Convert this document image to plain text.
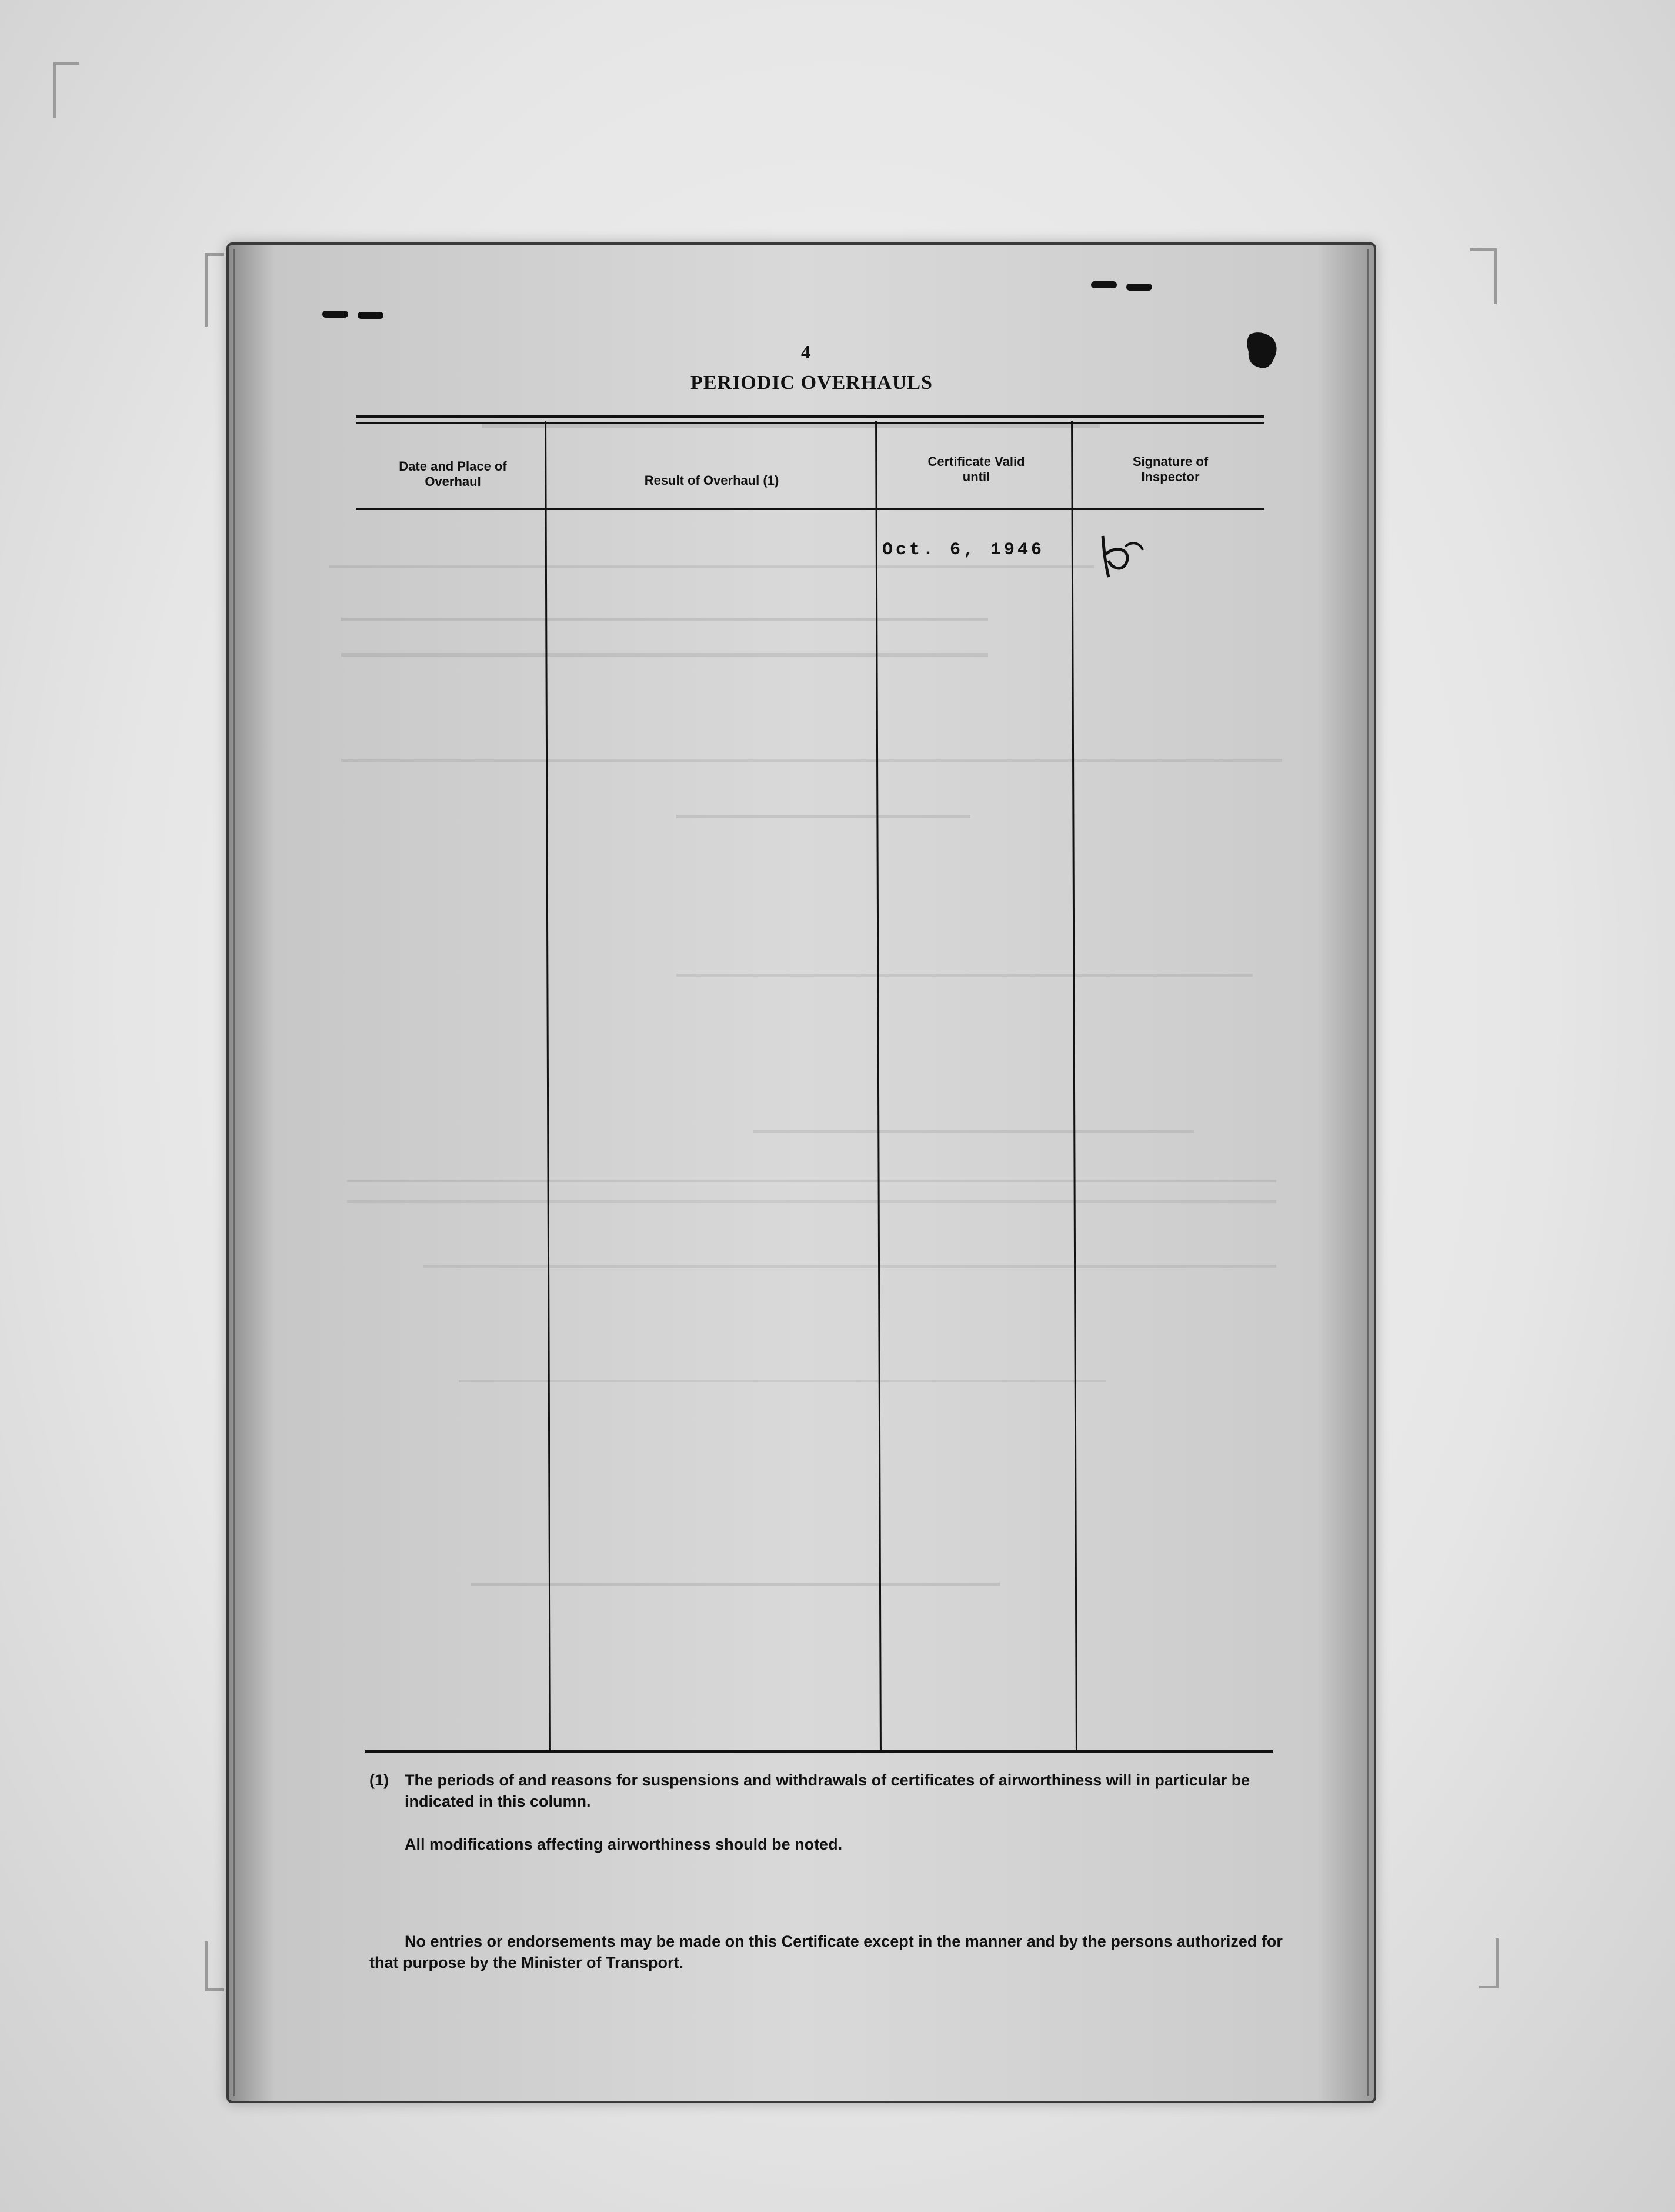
4
PERIODIC OVERHAULS
Date and Place of Overhaul	Result of Overhaul (1)
Certificate Valid until
Signature of Inspector
Oct. 6, 1946
(1) The periods of and reasons for suspensions and withdrawals of certificates of airworthiness will in particular be indicated in this column.
All modifications affecting airworthiness should be noted.
No entries or endorsements may be made on this Certificate except in the manner and by the persons authorized for that purpose by the Minister of Transport.
